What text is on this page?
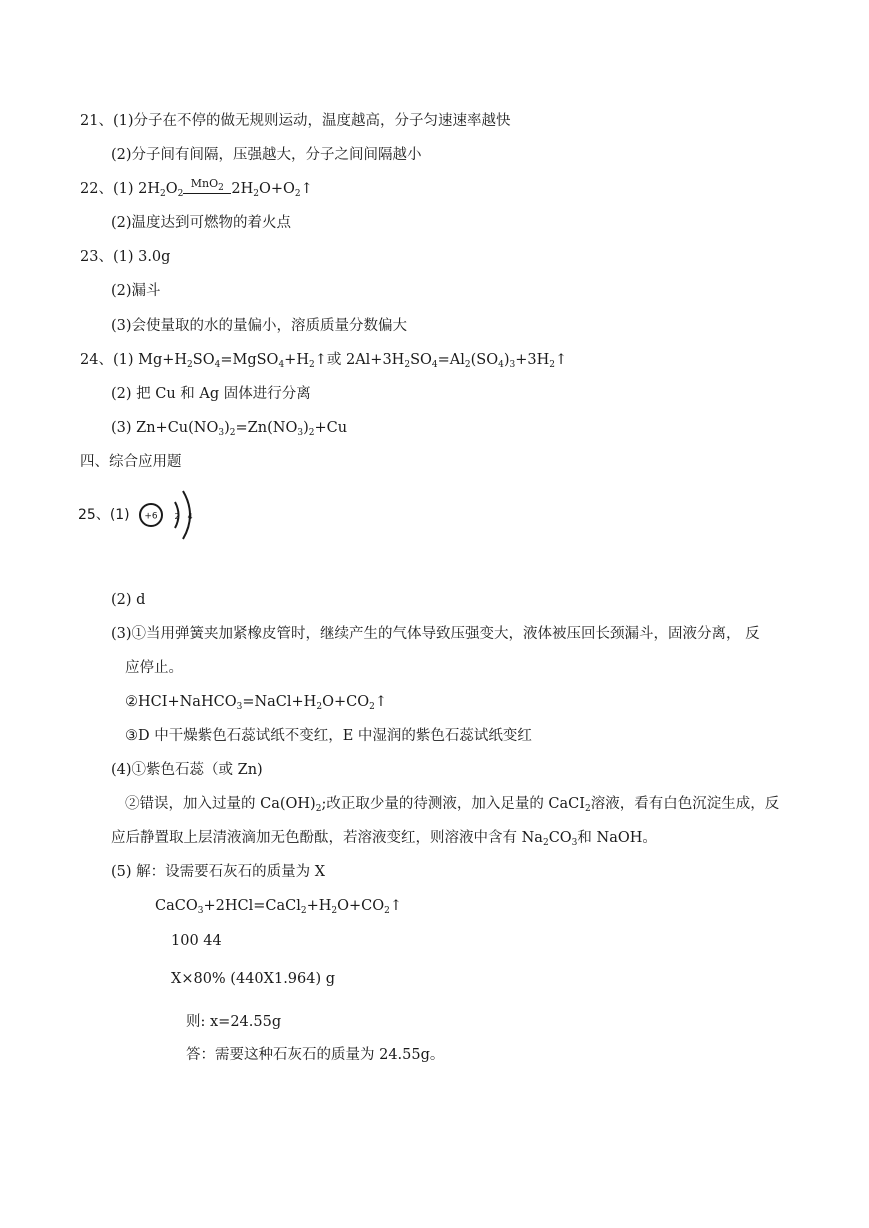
21、(1)分子在不停的做无规则运动，温度越高，分子匀速速率越快
(2)分子间有间隔，压强越大，分子之间间隔越小
22、(1) $2H_2O_2MnO_2$ $2H_2O+O_2↑$
(2)温度达到可燃物的着火点
23、(1) 3.0g
(2)漏斗
(3)会使量取的水的量偏小，溶质质量分数偏大
24、(1) $Mg+H_2SO_4=MgSO_4+H_2↑$或 $2Al+3H_2SO_4=Al_2(SO_4)_3+3H_2↑$
(2) 把 Cu 和 Ag 固体进行分离
(3) $Zn+Cu(NO_3)_2=Zn(NO_3)_2+Cu$
四、综合应用题
25、(1) +6 2 4
(2) d
(3)①当用弹簧夹加紧橡皮管时，继续产生的气体导致压强变大，液体被压回长颈漏斗，固液分离， 反
应停止。
$②HCI+NaHCO_3=NaCl+H_2O+CO_2↑$
③D 中干燥紫色石蕊试纸不变红，E 中湿润的紫色石蕊试纸变红
(4)①紫色石蕊（或 Zn)
②错误，加入过量的 $Ca(OH)_2$;改正取少量的待测液，加入足量的 CaCI$_2$溶液，看有白色沉淀生成，反
应后静置取上层清液滴加无色酚酞，若溶液变红，则溶液中含有 $Na_2CO_3$和 NaOH。
(5) 解：设需要石灰石的质量为 X
$CaCO_3+2HCl=CaCl_2+H_2O+CO_2↑$
100 44
X×80% (440X1.964) g
则: x=24.55g
答：需要这种石灰石的质量为 24.55g。
